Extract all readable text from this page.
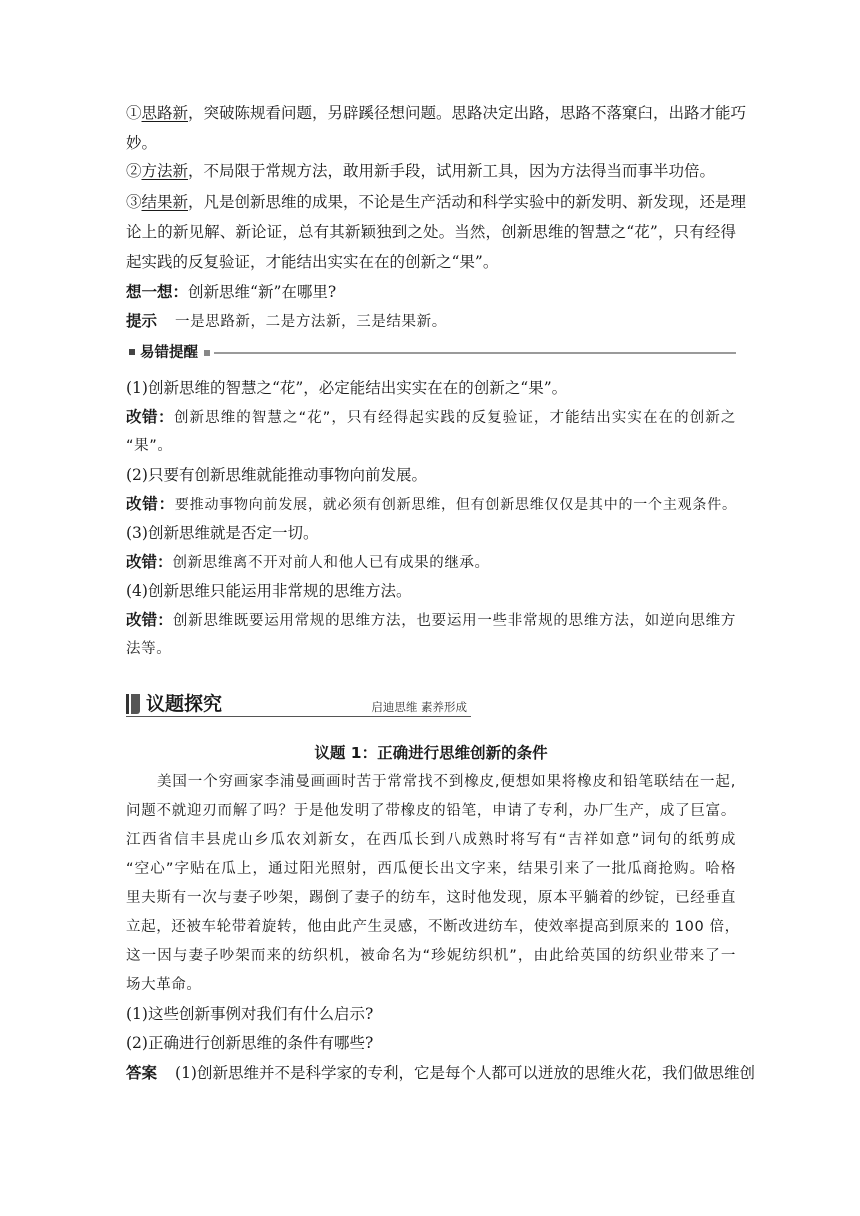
①思路新，突破陈规看问题，另辟蹊径想问题。思路决定出路，思路不落窠臼，出路才能巧
妙。
②方法新，不局限于常规方法，敢用新手段，试用新工具，因为方法得当而事半功倍。
③结果新，凡是创新思维的成果，不论是生产活动和科学实验中的新发明、新发现，还是理
论上的新见解、新论证，总有其新颖独到之处。当然，创新思维的智慧之“花”，只有经得
起实践的反复验证，才能结出实实在在的创新之“果”。
想一想：创新思维“新”在哪里?
提示 一是思路新，二是方法新，三是结果新。
易错提醒
(1)创新思维的智慧之“花”，必定能结出实实在在的创新之“果”。
改错：创新思维的智慧之“花”，只有经得起实践的反复验证，才能结出实实在在的创新之
“果”。
(2)只要有创新思维就能推动事物向前发展。
改错：要推动事物向前发展，就必须有创新思维，但有创新思维仅仅是其中的一个主观条件。
(3)创新思维就是否定一切。
改错：创新思维离不开对前人和他人已有成果的继承。
(4)创新思维只能运用非常规的思维方法。
改错：创新思维既要运用常规的思维方法，也要运用一些非常规的思维方法，如逆向思维方
法等。
议题探究	启迪思维 素养形成
议题 1：正确进行思维创新的条件
美国一个穷画家李浦曼画画时苦于常常找不到橡皮,便想如果将橡皮和铅笔联结在一起,
问题不就迎刃而解了吗？于是他发明了带橡皮的铅笔，申请了专利，办厂生产，成了巨富。
江西省信丰县虎山乡瓜农刘新女，在西瓜长到八成熟时将写有“吉祥如意”词句的纸剪成
“空心”字贴在瓜上，通过阳光照射，西瓜便长出文字来，结果引来了一批瓜商抢购。哈格
里夫斯有一次与妻子吵架，踢倒了妻子的纺车，这时他发现，原本平躺着的纱锭，已经垂直
立起，还被车轮带着旋转，他由此产生灵感，不断改进纺车，使效率提高到原来的 100 倍，
这一因与妻子吵架而来的纺织机，被命名为“珍妮纺织机”，由此给英国的纺织业带来了一
场大革命。
(1)这些创新事例对我们有什么启示?
(2)正确进行创新思维的条件有哪些?
答案 (1)创新思维并不是科学家的专利，它是每个人都可以迸放的思维火花，我们做思维创
